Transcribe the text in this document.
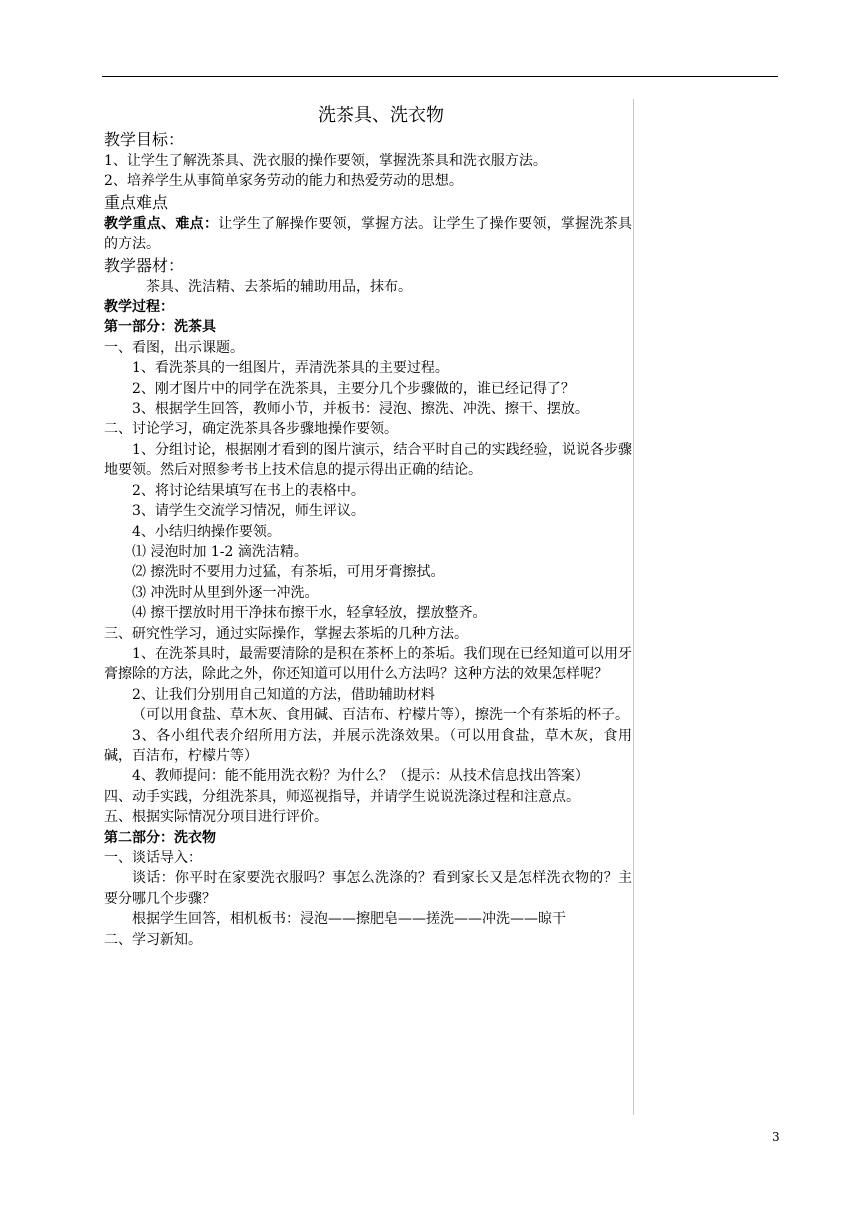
洗茶具、洗衣物
教学目标：
1、让学生了解洗茶具、洗衣服的操作要领，掌握洗茶具和洗衣服方法。
2、培养学生从事简单家务劳动的能力和热爱劳动的思想。
重点难点
教学重点、难点：让学生了解操作要领，掌握方法。让学生了操作要领，掌握洗茶具的方法。
教学器材：
茶具、洗洁精、去茶垢的辅助用品，抹布。
教学过程：
第一部分：洗茶具
一、看图，出示课题。
1、看洗茶具的一组图片，弄清洗茶具的主要过程。
2、刚才图片中的同学在洗茶具，主要分几个步骤做的，谁已经记得了？
3、根据学生回答，教师小节，并板书：浸泡、擦洗、冲洗、擦干、摆放。
二、讨论学习，确定洗茶具各步骤地操作要领。
1、分组讨论，根据刚才看到的图片演示，结合平时自己的实践经验，说说各步骤地要领。然后对照参考书上技术信息的提示得出正确的结论。
2、将讨论结果填写在书上的表格中。
3、请学生交流学习情况，师生评议。
4、小结归纳操作要领。
⑴ 浸泡时加 1-2 滴洗洁精。
⑵ 擦洗时不要用力过猛，有茶垢，可用牙膏擦拭。
⑶ 冲洗时从里到外逐一冲洗。
⑷ 擦干摆放时用干净抹布擦干水，轻拿轻放，摆放整齐。
三、研究性学习，通过实际操作，掌握去茶垢的几种方法。
1、在洗茶具时，最需要清除的是积在茶杯上的茶垢。我们现在已经知道可以用牙膏擦除的方法，除此之外，你还知道可以用什么方法吗？这种方法的效果怎样呢？
2、让我们分别用自己知道的方法，借助辅助材料
（可以用食盐、草木灰、食用碱、百洁布、柠檬片等），擦洗一个有茶垢的杯子。
3、各小组代表介绍所用方法，并展示洗涤效果。（可以用食盐，草木灰，食用碱，百洁布，柠檬片等）
4、教师提问：能不能用洗衣粉？为什么？（提示：从技术信息找出答案）
四、动手实践，分组洗茶具，师巡视指导，并请学生说说洗涤过程和注意点。
五、根据实际情况分项目进行评价。
第二部分：洗衣物
一、谈话导入：
谈话：你平时在家要洗衣服吗？事怎么洗涤的？看到家长又是怎样洗衣物的？主要分哪几个步骤？
根据学生回答，相机板书：浸泡——擦肥皂——搓洗——冲洗——晾干
二、学习新知。
3
